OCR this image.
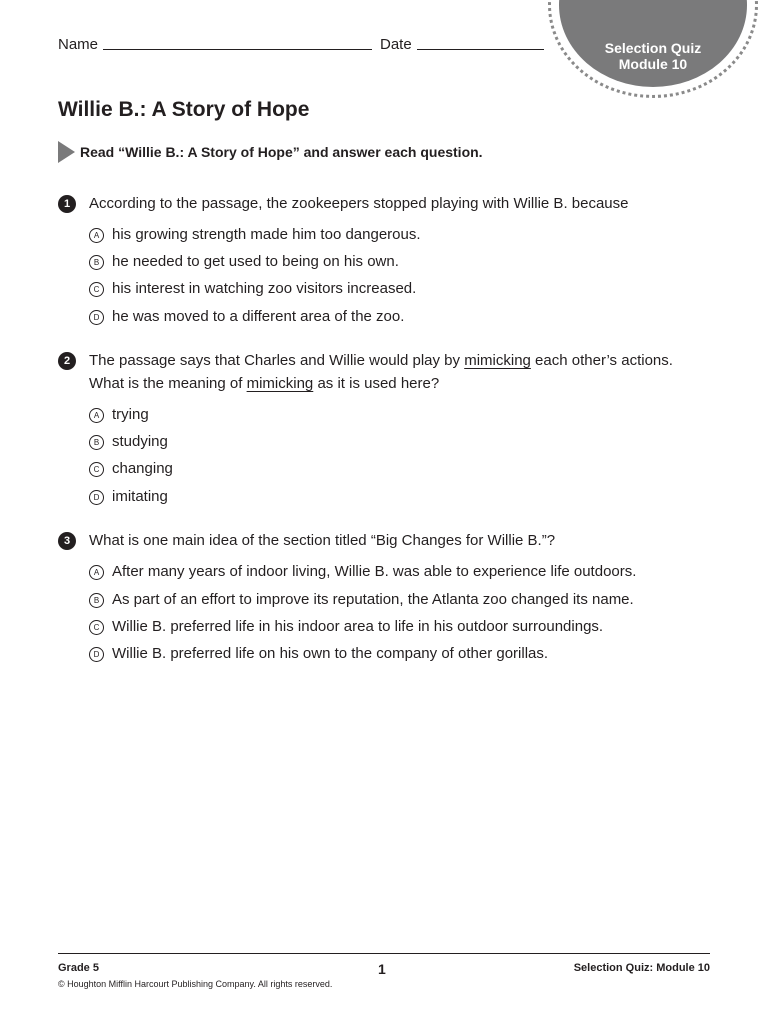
Selection Quiz
Module 10
Name	Date
Willie B.: A Story of Hope
Read “Willie B.: A Story of Hope” and answer each question.
1	According to the passage, the zookeepers stopped playing with Willie B. because
A his growing strength made him too dangerous.
B he needed to get used to being on his own.
C his interest in watching zoo visitors increased.
D he was moved to a different area of the zoo.
2	The passage says that Charles and Willie would play by mimicking each other’s actions.
What is the meaning of mimicking as it is used here?
A trying
B studying
C changing
D imitating
3	What is one main idea of the section titled “Big Changes for Willie B.”?
A After many years of indoor living, Willie B. was able to experience life outdoors.
B As part of an effort to improve its reputation, the Atlanta zoo changed its name.
C Willie B. preferred life in his indoor area to life in his outdoor surroundings.
D Willie B. preferred life on his own to the company of other gorillas.
Grade 5	1	Selection Quiz: Module 10
© Houghton Mifflin Harcourt Publishing Company. All rights reserved.
